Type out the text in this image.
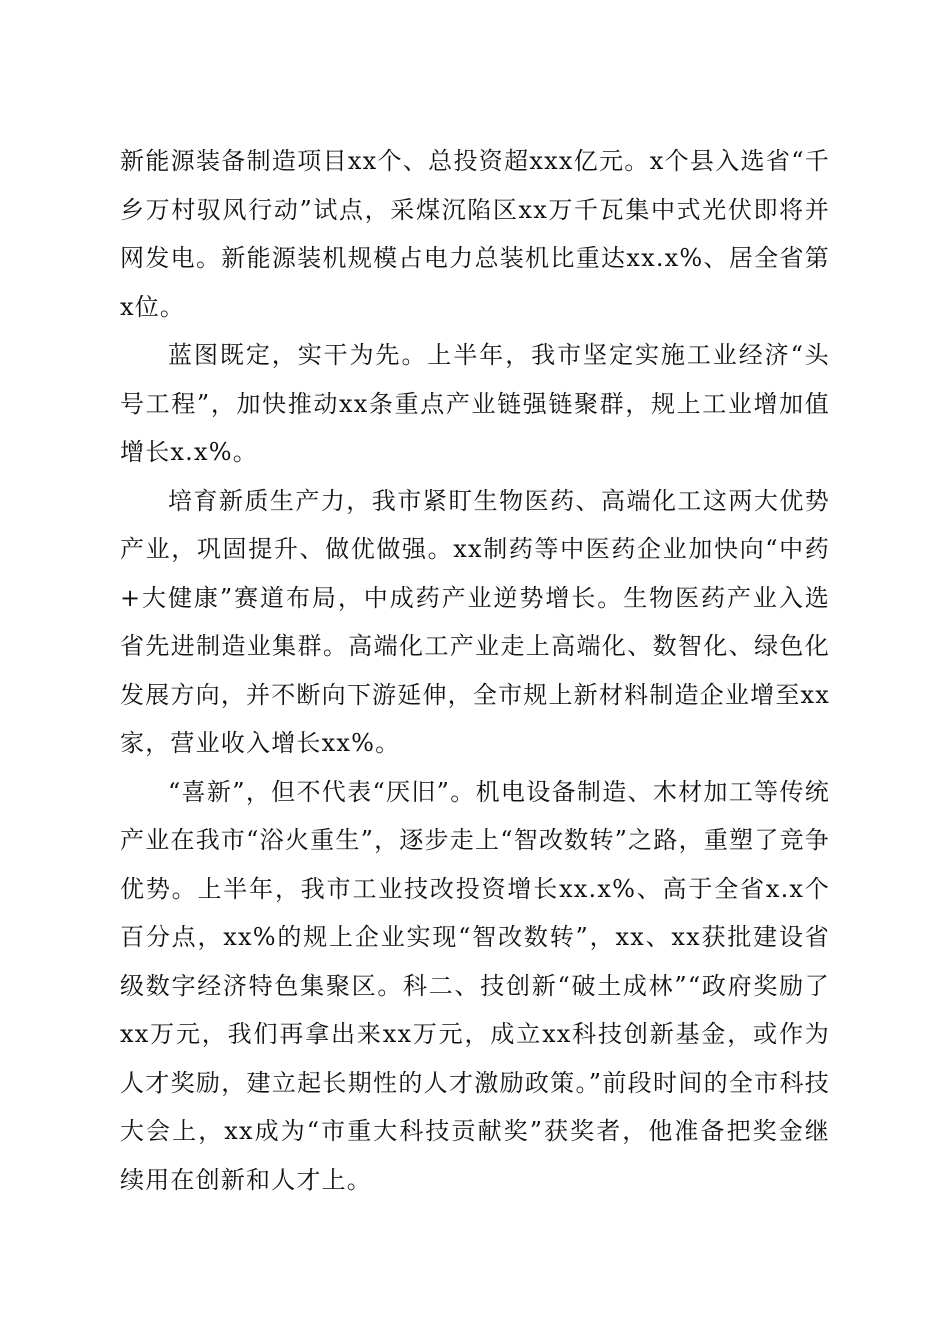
新能源装备制造项目xx个、总投资超xxx亿元。x个县入选省“千乡万村驭风行动”试点，采煤沉陷区xx万千瓦集中式光伏即将并网发电。新能源装机规模占电力总装机比重达xx.x%、居全省第x位。

蓝图既定，实干为先。上半年，我市坚定实施工业经济“头号工程”，加快推动xx条重点产业链强链聚群，规上工业增加值增长x.x%。

培育新质生产力，我市紧盯生物医药、高端化工这两大优势产业，巩固提升、做优做强。xx制药等中医药企业加快向“中药+大健康”赛道布局，中成药产业逆势增长。生物医药产业入选省先进制造业集群。高端化工产业走上高端化、数智化、绿色化发展方向，并不断向下游延伸，全市规上新材料制造企业增至xx家，营业收入增长xx%。

“喜新”，但不代表“厌旧”。机电设备制造、木材加工等传统产业在我市“浴火重生”，逐步走上“智改数转”之路，重塑了竞争优势。上半年，我市工业技改投资增长xx.x%、高于全省x.x个百分点，xx%的规上企业实现“智改数转”，xx、xx获批建设省级数字经济特色集聚区。科二、技创新“破土成林”“政府奖励了xx万元，我们再拿出来xx万元，成立xx科技创新基金，或作为人才奖励，建立起长期性的人才激励政策。”前段时间的全市科技大会上，xx成为“市重大科技贡献奖”获奖者，他准备把奖金继续用在创新和人才上。
